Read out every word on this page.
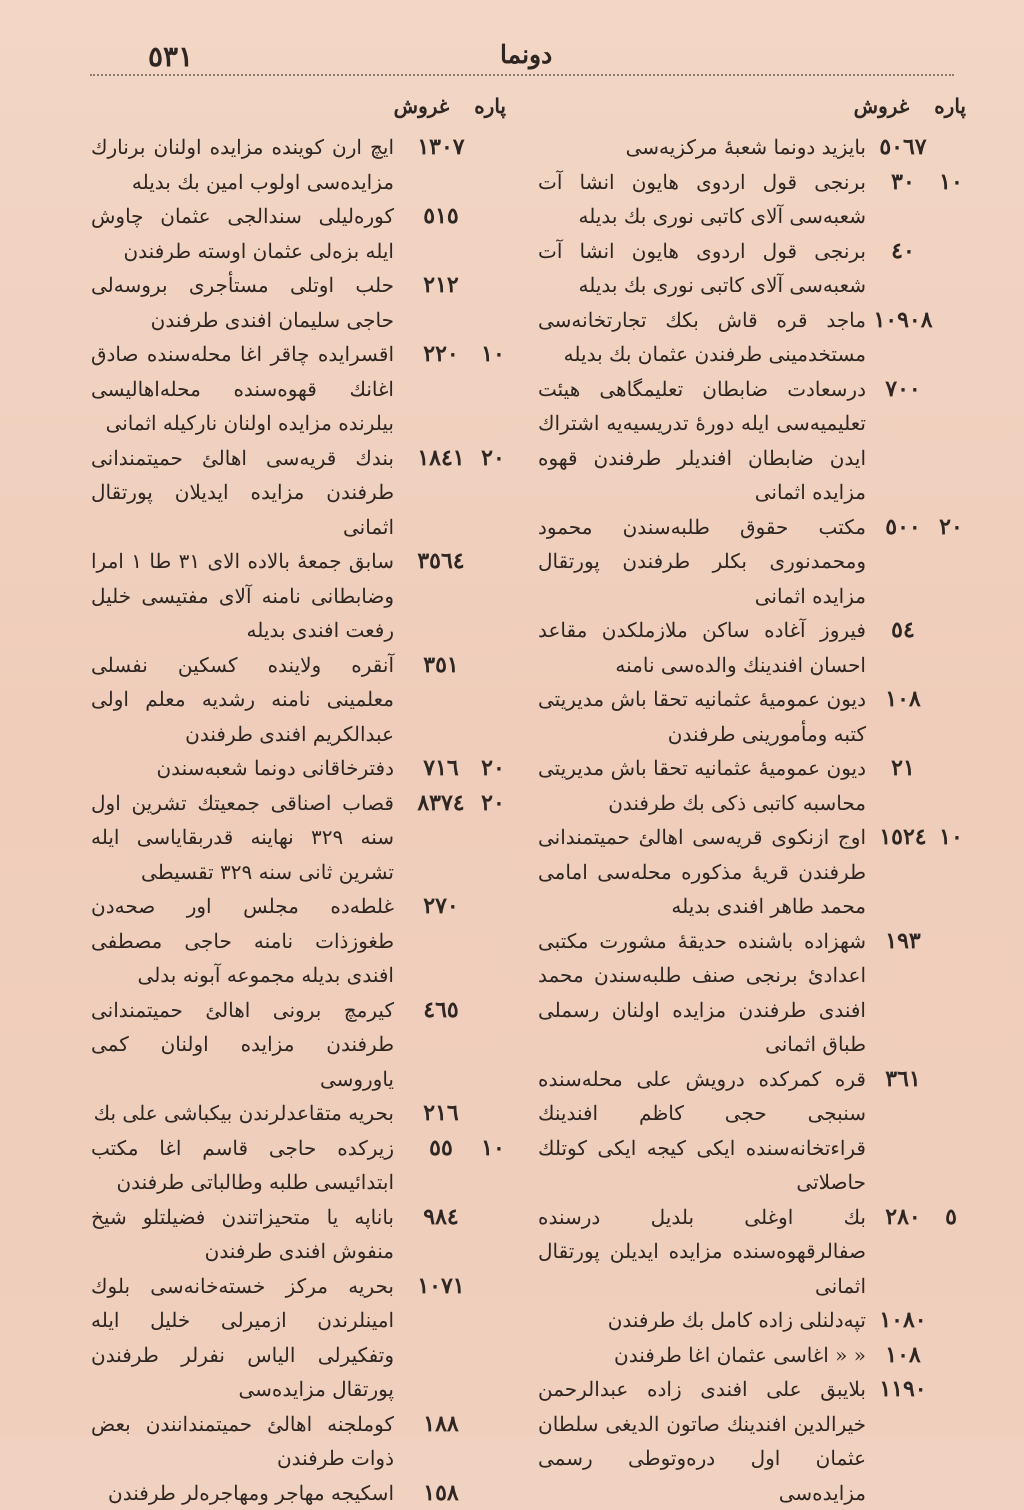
٥٣١	دونما
پاره غروش
٥٠٦٧
بایزید دونما شعبهٔ مرکزیه‌سی
١٠
٣٠
برنجی قول اردوی هایون انشا آت شعبه‌سی آلای کاتبی نوری بك بدیله
٤٠
برنجی قول اردوی هایون انشا آت شعبه‌سی آلای کاتبی نوری بك بدیله
١٠٩٠٨
ماجد قره قاش بکك تجارتخانه‌سی مستخدمینی طرفندن عثمان بك بدیله
٧٠٠
درسعادت ضابطان تعلیمگاهی هیئت تعلیمیه‌سی ایله دورهٔ تدریسیه‌یه اشتراك ایدن ضابطان افندیلر طرفندن قهوه مزایده اثمانی
٢٠
٥٠٠
مکتب حقوق طلبه‌سندن محمود ومحمدنوری بکلر طرفندن پورتقال مزایده اثمانی
٥٤
فیروز آغاده ساکن ملازملکدن مقاعد احسان افندینك والده‌سی نامنه
١٠٨
دیون عمومیهٔ عثمانیه تحقا باش مدیریتی کتبه ومأمورینی طرفندن
٢١
دیون عمومیهٔ عثمانیه تحقا باش مدیریتی محاسبه کاتبی ذکی بك طرفندن
١٠
١٥٢٤
اوج ازنکوی قریه‌سی اهالئ حمیتمندانی طرفندن قریهٔ مذکوره محله‌سی امامی محمد طاهر افندی بدیله
١٩٣
شهزاده باشنده حدیقهٔ مشورت مکتبی اعدادیٔ برنجی صنف طلبه‌سندن محمد افندی طرفندن مزایده اولنان رسملی طباق اثمانی
٣٦١
قره کمرکده درویش علی محله‌سنده سنبجی حجی کاظم افندینك قراءتخانه‌سنده ایکی کیجه ایکی کوتلك حاصلاتی
٥
٢٨٠
بك اوغلی بلدیل درسنده صفالرقهوه‌سنده مزایده ایدیلن پورتقال اثمانی
١٠٨٠
تپه‌دلنلی زاده کامل بك طرفندن
١٠٨
« « اغاسی عثمان اغا طرفندن
١١٩٠
بلایبق علی افندی زاده عبدالرحمن خیرالدین افندینك صاتون الدیغی سلطان عثمان اول دره‌وتوطی رسمی مزایده‌سی
پاره غروش
١٣٠٧
ایچ ارن کوینده مزایده اولنان برنارك مزایده‌سی اولوب امین بك بدیله
٥١٥
کوره‌لیلی سندالجی عثمان چاوش ایله‌ بزه‌لی عثمان اوسته طرفندن
٢١٢
حلب اوتلی مستأجری بروسه‌لی حاجی سلیمان افندی طرفندن
١٠
٢٢٠
اقسرایده چاقر اغا محله‌سنده صادق اغانك قهوه‌سنده محله‌اهالیسی بیلرنده مزایده اولنان نارکیله اثمانی
٢٠
١٨٤١
بندك قریه‌سی اهالئ حمیتمندانی طرفندن مزایده ایدیلان پورتقال اثمانی
٣٥٦٤
سابق جمعهٔ بالاده الای ٣١ طا ١ امرا وضابطانی نامنه آلای مفتیسی خلیل رفعت افندی بدیله
٣٥١
آنقره ولاینده کسکین نفسلی معلمینی نامنه رشدیه معلم اولی عبدالکریم افندی طرفندن
٢٠
٧١٦
دفترخاقانی دونما شعبه‌سندن
٢٠
٨٣٧٤
قصاب اصناقی جمعیتك تشرین اول سنه ٣٢٩ نهاینه قدربقایاسی ایله تشرین ثانی سنه ٣٢٩ تقسیطی
٢٧٠
غلطه‌ده مجلس اور صحه‌دن طغوزذات نامنه حاجی مصطفی افندی بدیله مجموعه آبونه بدلی
٤٦٥
کیرمچ برونی اهالئ حمیتمندانی طرفندن مزایده اولنان کمی یاوروسی
٢١٦
بحریه متقاعدلرندن بیکباشی علی بك
١٠
٥٥
زیرکده حاجی قاسم اغا مکتب ابتدائیسی طلبه وطالباتی طرفندن
٩٨٤
باناپه یا متحیزاتندن فضیلتلو شیخ منفوش افندی طرفندن
١٠٧١
بحریه مرکز خسته‌خانه‌سی بلوك امینلرندن ازمیرلی خلیل ایله وتفکیرلی الیاس نفرلر طرفندن پورتقال مزایده‌سی
١٨٨
کوملجنه اهالئ حمیتمندانندن بعض ذوات طرفندن
١٥٨
اسکیجه مهاجر ومهاجرەلر طرفندن
